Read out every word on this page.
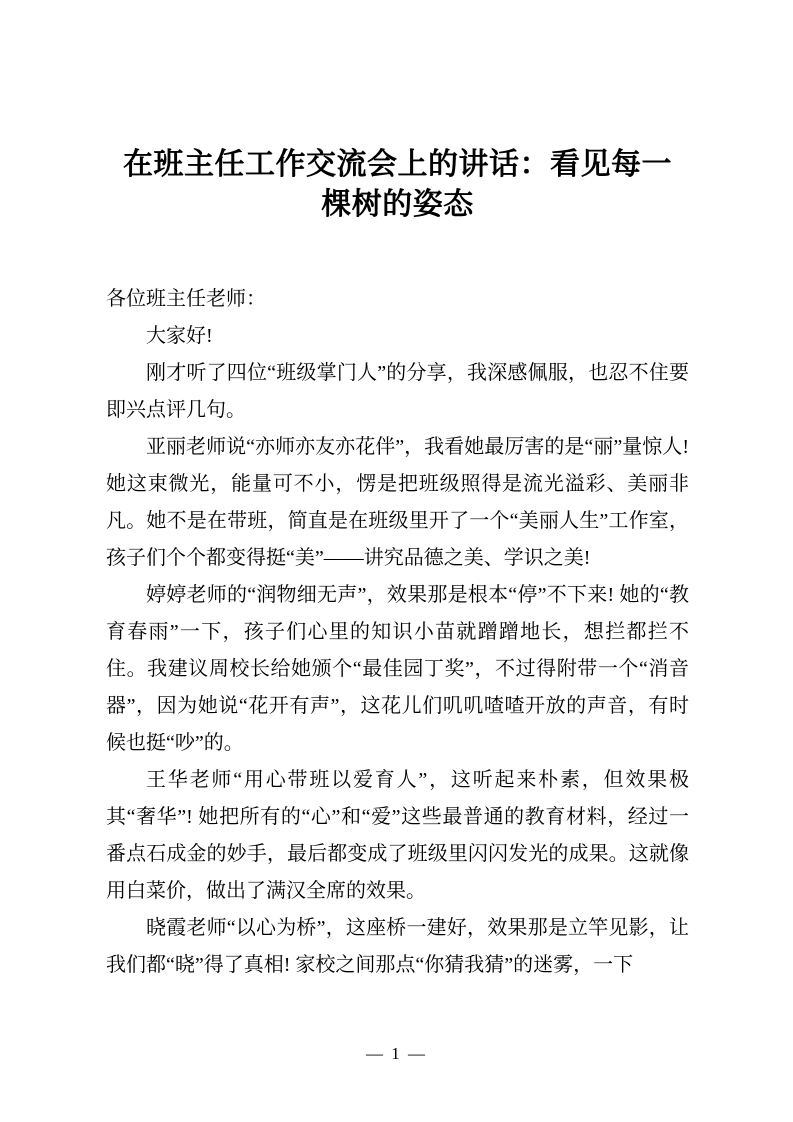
在班主任工作交流会上的讲话：看见每一棵树的姿态

各位班主任老师：

大家好!

刚才听了四位“班级掌门人”的分享，我深感佩服，也忍不住要即兴点评几句。

亚丽老师说“亦师亦友亦花伴”，我看她最厉害的是“丽”量惊人! 她这束微光，能量可不小，愣是把班级照得是流光溢彩、美丽非凡。她不是在带班，简直是在班级里开了一个“美丽人生”工作室，孩子们个个都变得挺“美”——讲究品德之美、学识之美!

婷婷老师的“润物细无声”，效果那是根本“停”不下来! 她的“教育春雨”一下，孩子们心里的知识小苗就蹭蹭地长，想拦都拦不住。我建议周校长给她颁个“最佳园丁奖”，不过得附带一个“消音器”，因为她说“花开有声”，这花儿们叽叽喳喳开放的声音，有时候也挺“吵”的。

王华老师“用心带班以爱育人”，这听起来朴素，但效果极其“奢华”! 她把所有的“心”和“爱”这些最普通的教育材料，经过一番点石成金的妙手，最后都变成了班级里闪闪发光的成果。这就像用白菜价，做出了满汉全席的效果。

晓霞老师“以心为桥”，这座桥一建好，效果那是立竿见影，让我们都“晓”得了真相! 家校之间那点“你猜我猜”的迷雾，一下

— 1 —
